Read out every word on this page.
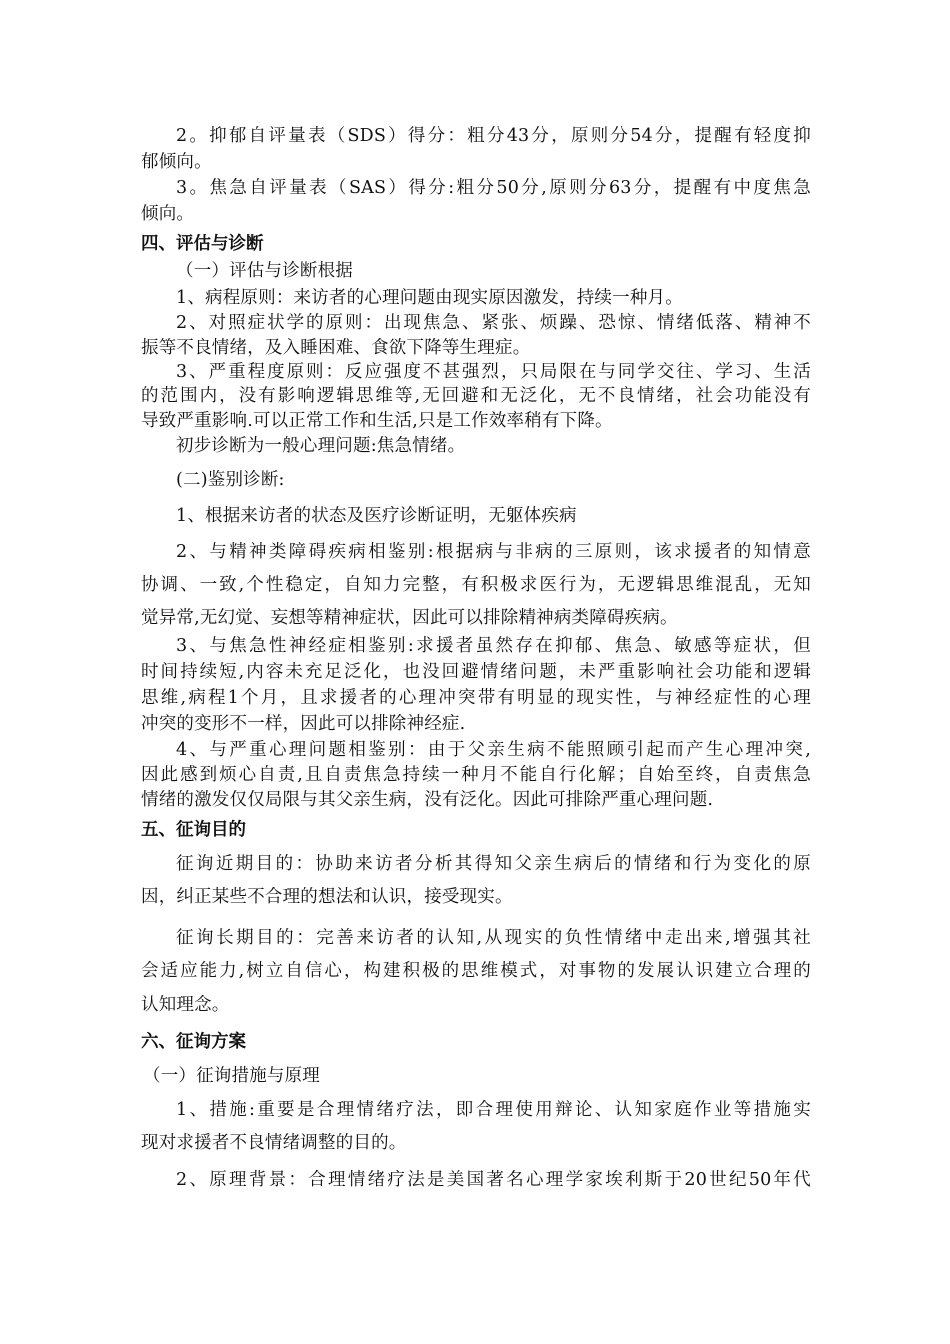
2。抑郁自评量表（SDS）得分：粗分43分，原则分54分，提醒有轻度抑
郁倾向。
3。焦急自评量表（SAS）得分:粗分50分,原则分63分，提醒有中度焦急
倾向。
四、评估与诊断
（一）评估与诊断根据
1、病程原则：来访者的心理问题由现实原因激发，持续一种月。
2、对照症状学的原则：出现焦急、紧张、烦躁、恐惊、情绪低落、精神不
振等不良情绪，及入睡困难、食欲下降等生理症。
3、严重程度原则：反应强度不甚强烈，只局限在与同学交往、学习、生活
的范围内，没有影响逻辑思维等,无回避和无泛化，无不良情绪，社会功能没有
导致严重影响.可以正常工作和生活,只是工作效率稍有下降。
初步诊断为一般心理问题:焦急情绪。
(二)鉴别诊断:
1、根据来访者的状态及医疗诊断证明，无躯体疾病
2、与精神类障碍疾病相鉴别:根据病与非病的三原则，该求援者的知情意
协调、一致,个性稳定，自知力完整，有积极求医行为，无逻辑思维混乱，无知
觉异常,无幻觉、妄想等精神症状，因此可以排除精神病类障碍疾病。
3、与焦急性神经症相鉴别:求援者虽然存在抑郁、焦急、敏感等症状，但
时间持续短,内容未充足泛化，也没回避情绪问题，未严重影响社会功能和逻辑
思维,病程1个月，且求援者的心理冲突带有明显的现实性，与神经症性的心理
冲突的变形不一样，因此可以排除神经症.
4、与严重心理问题相鉴别：由于父亲生病不能照顾引起而产生心理冲突,
因此感到烦心自责,且自责焦急持续一种月不能自行化解；自始至终，自责焦急
情绪的激发仅仅局限与其父亲生病，没有泛化。因此可排除严重心理问题.
五、征询目的
征询近期目的：协助来访者分析其得知父亲生病后的情绪和行为变化的原
因，纠正某些不合理的想法和认识，接受现实。
征询长期目的：完善来访者的认知,从现实的负性情绪中走出来,增强其社
会适应能力,树立自信心，构建积极的思维模式，对事物的发展认识建立合理的
认知理念。
六、征询方案
（一）征询措施与原理
1、措施:重要是合理情绪疗法，即合理使用辩论、认知家庭作业等措施实
现对求援者不良情绪调整的目的。
2、原理背景：合理情绪疗法是美国著名心理学家埃利斯于20世纪50年代
